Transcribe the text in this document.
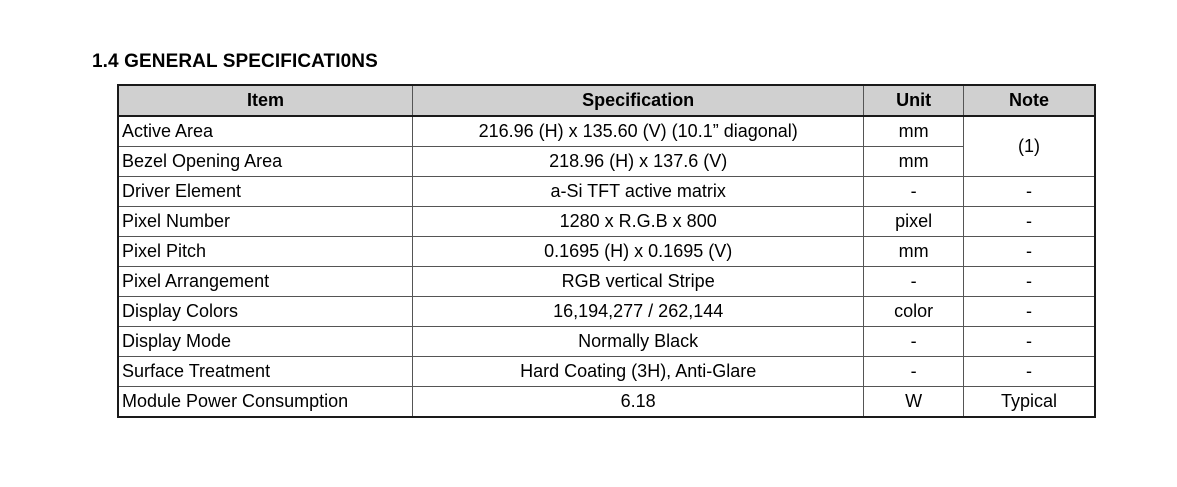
1.4 GENERAL SPECIFICATI0NS
Item	Specification	Unit	Note
Active Area	216.96 (H) x 135.60 (V) (10.1” diagonal)	mm	(1)
Bezel Opening Area	218.96 (H) x 137.6 (V)	mm	
Driver Element	a-Si TFT active matrix	-	-
Pixel Number	1280 x R.G.B x 800	pixel	-
Pixel Pitch	0.1695 (H) x 0.1695 (V)	mm	-
Pixel Arrangement	RGB vertical Stripe	-	-
Display Colors	16,194,277 / 262,144	color	-
Display Mode	Normally Black	-	-
Surface Treatment	Hard Coating (3H), Anti-Glare	-	-
Module Power Consumption	6.18	W	Typical
